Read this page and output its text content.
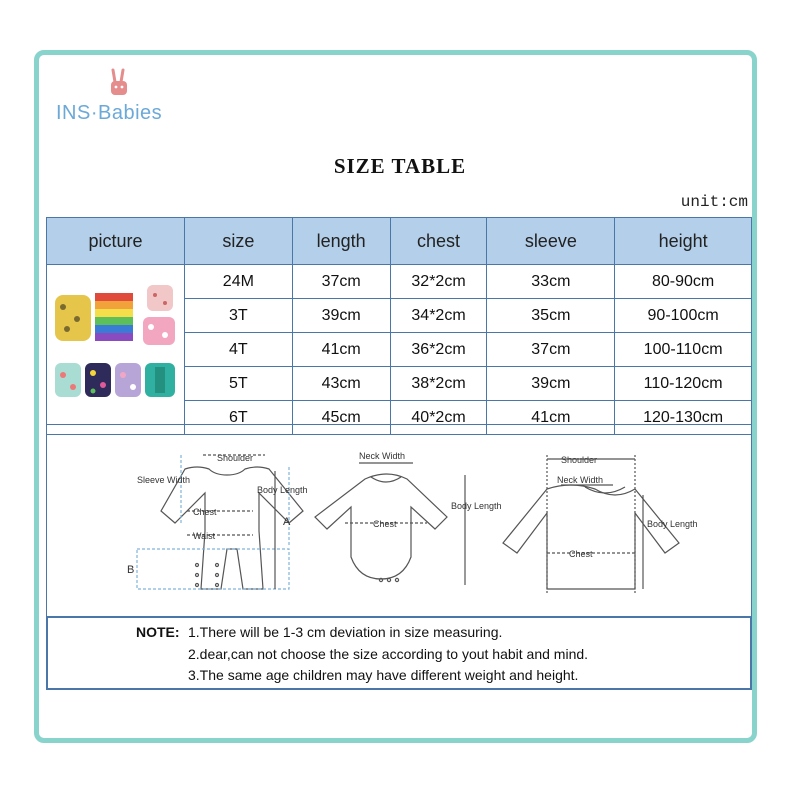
INS·Babies
SIZE TABLE
unit:cm
picture	size	length	chest	sleeve	height
	24M	37cm	32*2cm	33cm	80-90cm
	3T	39cm	34*2cm	35cm	90-100cm
	4T	41cm	36*2cm	37cm	100-110cm
	5T	43cm	38*2cm	39cm	110-120cm
	6T	45cm	40*2cm	41cm	120-130cm
Shoulder
Sleeve Width
Chest
Waist
Body Length
A
B
Neck Width
Chest
Body Length
Shoulder
Neck Width
Chest
Body Length
NOTE: 1.There will be 1-3 cm deviation in size measuring.
2.dear,can not choose the size according to yout habit and mind.
3.The same age children may have different weight and height.
